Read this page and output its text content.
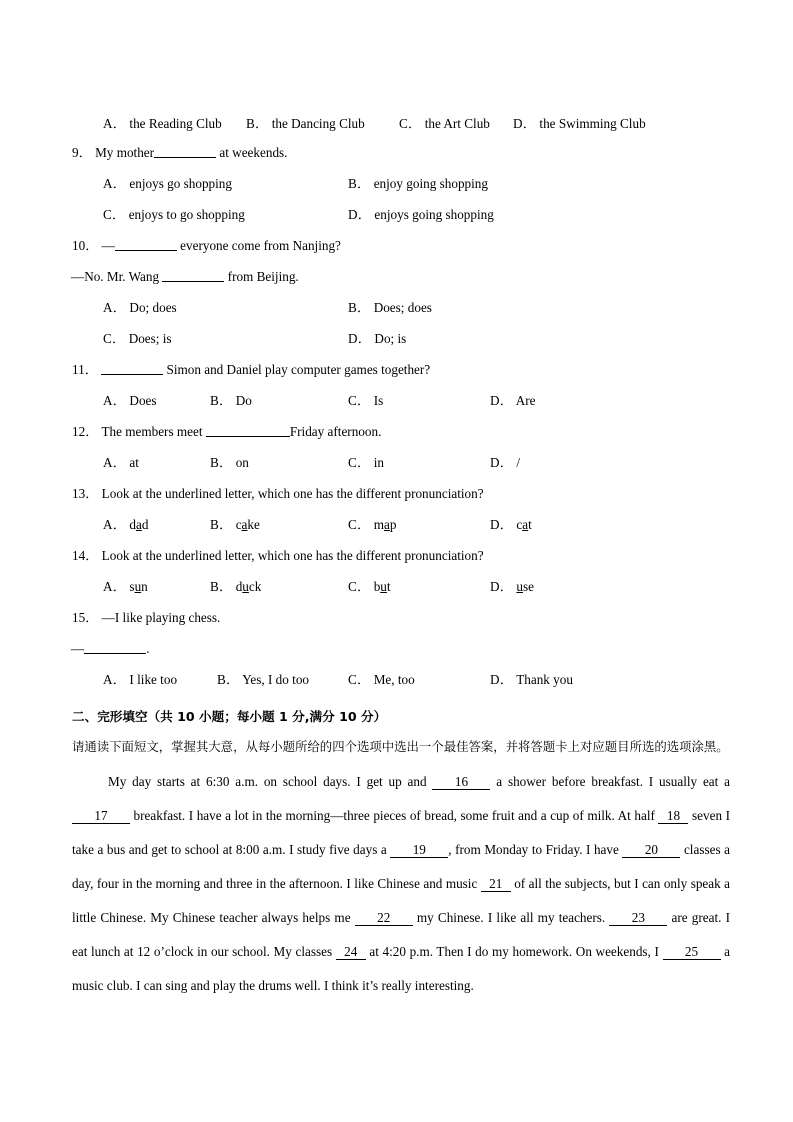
A． the Reading Club B． the Dancing Club	C． the Art Club D． the Swimming Club
9． My mother	at weekends.
A． enjoys go shopping	B． enjoy going shopping
C． enjoys to go shopping	D． enjoys going shopping
10． —	everyone come from Nanjing?
—No. Mr. Wang	from Beijing.
A． Do; does	B． Does; does
C． Does; is	D． Do; is
11．	Simon and Daniel play computer games together?
A． Does	B． Do	C． Is	D． Are
12． The members meet	Friday afternoon.
A． at	B． on	C． in	D． /
13． Look at the underlined letter, which one has the different pronunciation?
A． dad	B． cake	C． map	D． cat
14． Look at the underlined letter, which one has the different pronunciation?
A． sun	B． duck	C． but	D． use
15． —I like playing chess.
—	.
A． I like too	B． Yes, I do too	C． Me, too	D． Thank you
二、完形填空（共 10 小题；每小题 1 分,满分 10 分）
请通读下面短文，掌握其大意，从每小题所给的四个选项中选出一个最佳答案，并将答题卡上对应题目所选的选项涂黑。

My day starts at 6:30 a.m. on school days. I get up and 16 a shower before breakfast. I usually eat a 17 breakfast. I have a lot in the morning—three pieces of bread, some fruit and a cup of milk. At half 18 seven I take a bus and get to school at 8:00 a.m. I study five days a 19 , from Monday to Friday. I have 20 classes a day, four in the morning and three in the afternoon. I like Chinese and music 21 of all the subjects, but I can only speak a little Chinese. My Chinese teacher always helps me 22 my Chinese. I like all my teachers. 23 are great. I eat lunch at 12 o’clock in our school. My classes 24 at 4:20 p.m. Then I do my homework. On weekends, I 25 a music club. I can sing and play the drums well. I think it’s really interesting.
